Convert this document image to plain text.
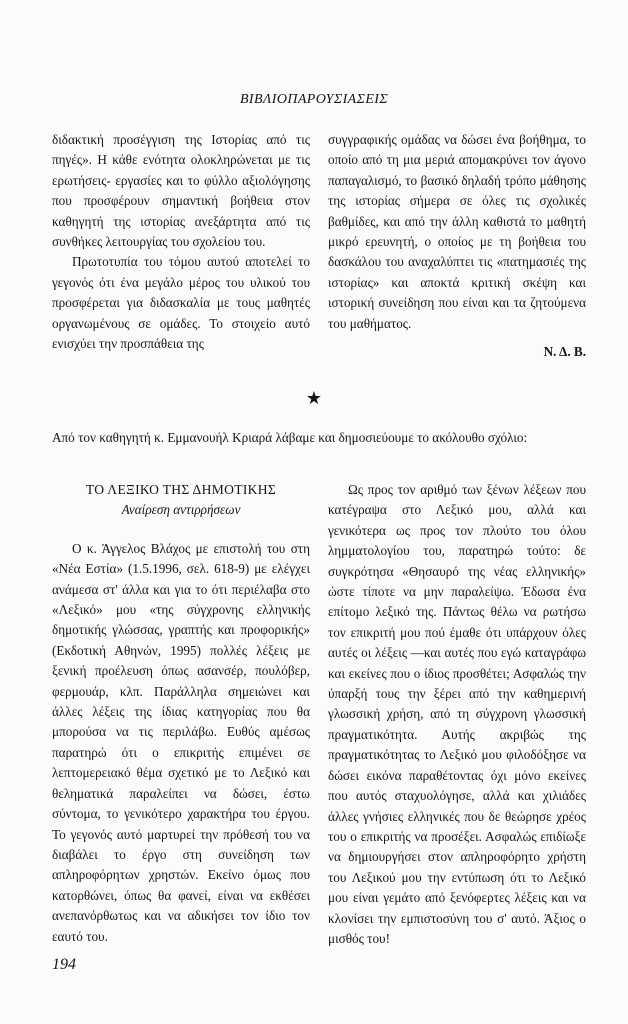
ΒΙΒΛΙΟΠΑΡΟΥΣΙΑΣΕΙΣ

διδακτική προσέγγιση της Ιστορίας από τις πηγές». Η κάθε ενότητα ολοκληρώνεται με τις ερωτήσεις- εργασίες και το φύλλο αξιολόγησης που προσφέρουν σημαντική βοήθεια στον καθηγητή της ιστορίας ανεξάρτητα από τις συνθήκες λειτουργίας του σχολείου του.

Πρωτοτυπία του τόμου αυτού αποτελεί το γεγονός ότι ένα μεγάλο μέρος του υλικού του προσφέρεται για διδασκαλία με τους μαθητές οργανωμένους σε ομάδες. Το στοιχείο αυτό ενισχύει την προσπάθεια της

συγγραφικής ομάδας να δώσει ένα βοήθημα, το οποίο από τη μια μεριά απομακρύνει τον άγονο παπαγαλισμό, το βασικό δηλαδή τρόπο μάθησης της ιστορίας σήμερα σε όλες τις σχολικές βαθμίδες, και από την άλλη καθιστά το μαθητή μικρό ερευνητή, ο οποίος με τη βοήθεια του δασκάλου του αναχαλύπτει τις «πατημασιές της ιστορίας» και αποκτά κριτική σκέψη και ιστορική συνείδηση που είναι και τα ζητούμενα του μαθήματος.

Ν. Δ. Β.

★
Από τον καθηγητή κ. Εμμανουήλ Κριαρά λάβαμε και δημοσιεύουμε το ακόλουθο σχόλιο:

ΤΟ ΛΕΞΙΚΟ ΤΗΣ ΔΗΜΟΤΙΚΗΣ

Αναίρεση αντιρρήσεων

Ο κ. Άγγελος Βλάχος με επιστολή του στη «Νέα Εστία» (1.5.1996, σελ. 618-9) με ελέγχει ανάμεσα στ' άλλα και για το ότι περιέλαβα στο «Λεξικό» μου «της σύγχρονης ελληνικής δημοτικής γλώσσας, γραπτής και προφορικής» (Εκδοτική Αθηνών, 1995) πολλές λέξεις με ξενική προέλευση όπως ασανσέρ, πουλόβερ, φερμουάρ, κλπ. Παράλληλα σημειώνει και άλλες λέξεις της ίδιας κατηγορίας που θα μπορούσα να τις περιλάβω. Ευθύς αμέσως παρατηρώ ότι ο επικριτής επιμένει σε λεπτομερειακό θέμα σχετικό με το Λεξικό και θεληματικά παραλείπει να δώσει, έστω σύντομα, το γενικότερο χαρακτήρα του έργου. Το γεγονός αυτό μαρτυρεί την πρόθεσή του να διαβάλει το έργο στη συνείδηση των απληροφόρητων χρηστών. Εκείνο όμως που κατορθώνει, όπως θα φανεί, είναι να εκθέσει ανεπανόρθωτως και να αδικήσει τον ίδιο τον εαυτό του.

Ως προς τον αριθμό των ξένων λέξεων που κατέγραψα στο Λεξικό μου, αλλά και γενικότερα ως προς τον πλούτο του όλου λημματολογίου του, παρατηρώ τούτο: δε συγκρότησα «Θησαυρό της νέας ελληνικής» ώστε τίποτε να μην παραλείψω. Έδωσα ένα επίτομο λεξικό της. Πάντως θέλω να ρωτήσω τον επικριτή μου πού έμαθε ότι υπάρχουν όλες αυτές οι λέξεις —και αυτές που εγώ καταγράφω και εκείνες που ο ίδιος προσθέτει; Ασφαλώς την ύπαρξή τους την ξέρει από την καθημερινή γλωσσική χρήση, από τη σύγχρονη γλωσσική πραγματικότητα. Αυτής ακριβώς της πραγματικότητας το Λεξικό μου φιλοδόξησε να δώσει εικόνα παραθέτοντας όχι μόνο εκείνες που αυτός σταχυολόγησε, αλλά και χιλιάδες άλλες γνήσιες ελληνικές που δε θεώρησε χρέος του ο επικριτής να προσέξει. Ασφαλώς επιδίωξε να δημιουργήσει στον απληροφόρητο χρήστη του Λεξικού μου την εντύπωση ότι το Λεξικό μου είναι γεμάτο από ξενόφερτες λέξεις και να κλονίσει την εμπιστοσύνη του σ' αυτό. Άξιος ο μισθός του!

194
